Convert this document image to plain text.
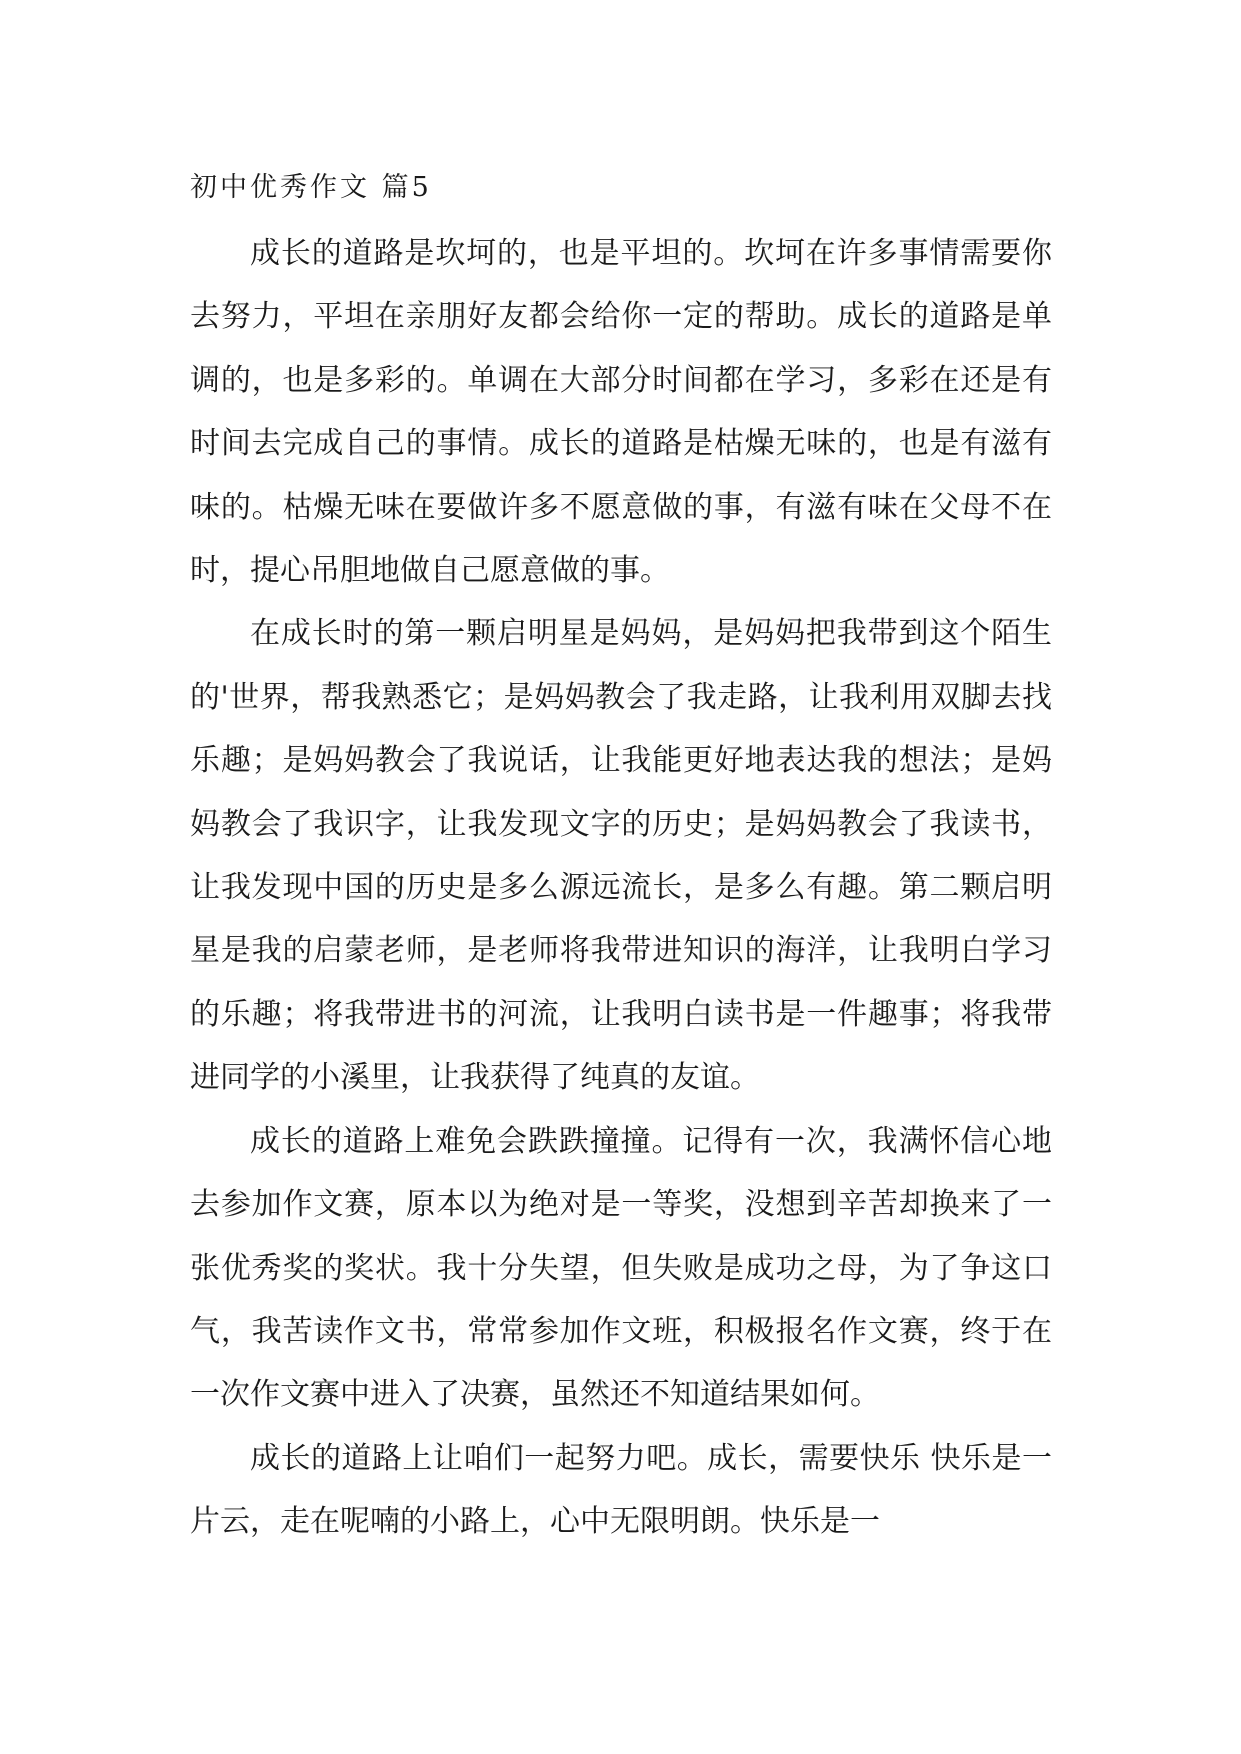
初中优秀作文 篇5

成长的道路是坎坷的，也是平坦的。坎坷在许多事情需要你去努力，平坦在亲朋好友都会给你一定的帮助。成长的道路是单调的，也是多彩的。单调在大部分时间都在学习，多彩在还是有时间去完成自己的事情。成长的道路是枯燥无味的，也是有滋有味的。枯燥无味在要做许多不愿意做的事，有滋有味在父母不在时，提心吊胆地做自己愿意做的事。

在成长时的第一颗启明星是妈妈，是妈妈把我带到这个陌生的'世界，帮我熟悉它；是妈妈教会了我走路，让我利用双脚去找乐趣；是妈妈教会了我说话，让我能更好地表达我的想法；是妈妈教会了我识字，让我发现文字的历史；是妈妈教会了我读书，让我发现中国的历史是多么源远流长，是多么有趣。第二颗启明星是我的启蒙老师，是老师将我带进知识的海洋，让我明白学习的乐趣；将我带进书的河流，让我明白读书是一件趣事；将我带进同学的小溪里，让我获得了纯真的友谊。

成长的道路上难免会跌跌撞撞。记得有一次，我满怀信心地去参加作文赛，原本以为绝对是一等奖，没想到辛苦却换来了一张优秀奖的奖状。我十分失望，但失败是成功之母，为了争这口气，我苦读作文书，常常参加作文班，积极报名作文赛，终于在一次作文赛中进入了决赛，虽然还不知道结果如何。

成长的道路上让咱们一起努力吧。成长，需要快乐 快乐是一片云，走在呢喃的小路上，心中无限明朗。快乐是一
